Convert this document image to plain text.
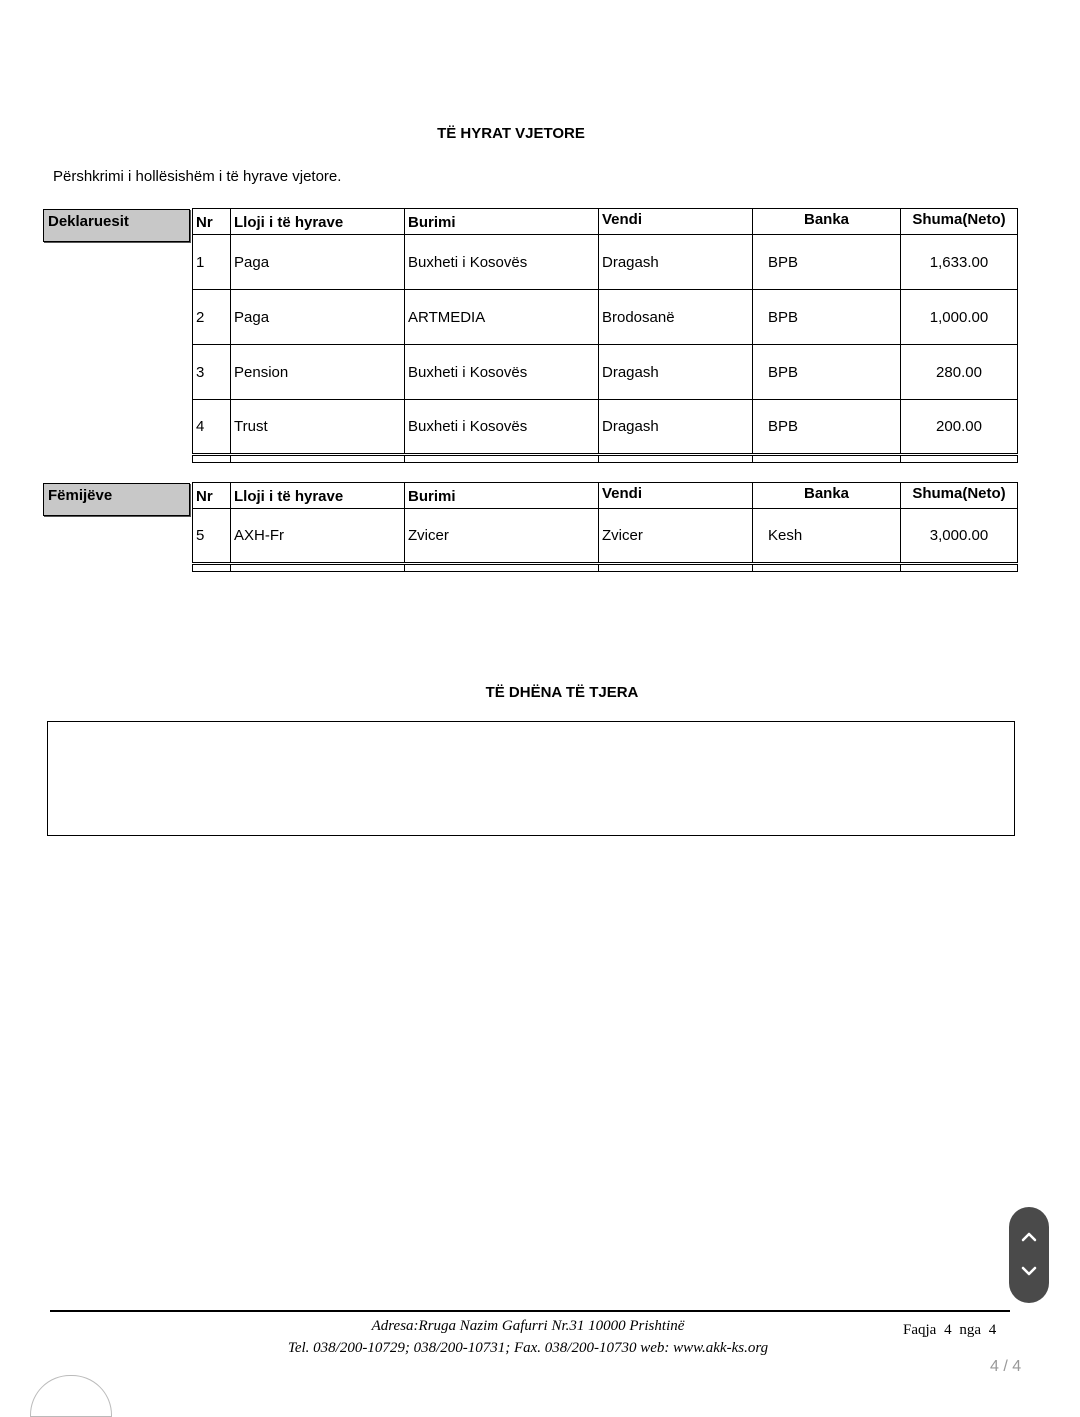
TË HYRAT VJETORE
Përshkrimi i hollësishëm i të hyrave vjetore.
Deklaruesit	Nr	Lloji i të hyrave	Burimi	Vendi	Banka	Shuma(Neto)
1	Paga	Buxheti i Kosovës	Dragash	BPB	1,633.00
2	Paga	ARTMEDIA	Brodosanë	BPB	1,000.00
3	Pension	Buxheti i Kosovës	Dragash	BPB	280.00
4	Trust	Buxheti i Kosovës	Dragash	BPB	200.00

Fëmijëve	Nr	Lloji i të hyrave	Burimi	Vendi	Banka	Shuma(Neto)
5	AXH-Fr	Zvicer	Zvicer	Kesh	3,000.00

TË DHËNA TË TJERA
Adresa:Rruga Nazim Gafurri Nr.31 10000 Prishtinë
Tel. 038/200-10729; 038/200-10731; Fax. 038/200-10730 web: www.akk-ks.org
Faqja 4 nga 4
4 / 4
